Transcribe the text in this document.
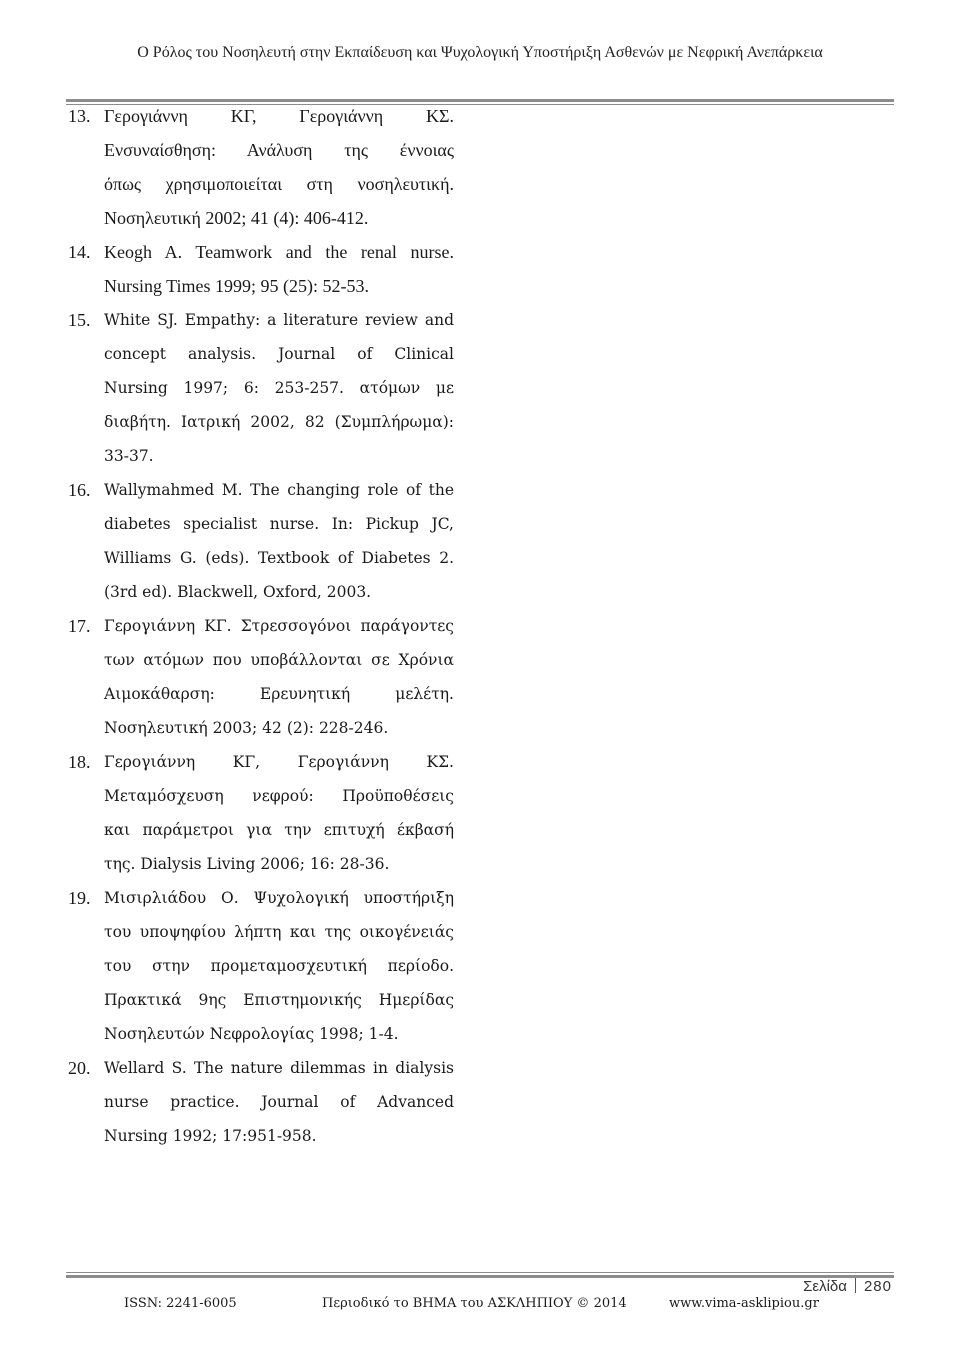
Ο Ρόλος του Νοσηλευτή στην Εκπαίδευση και Ψυχολογική Υποστήριξη Ασθενών με Νεφρική Ανεπάρκεια
13. Γερογιάννη ΚΓ, Γερογιάννη ΚΣ.
Ενσυναίσθηση: Ανάλυση της έννοιας
όπως χρησιμοποιείται στη νοσηλευτική.
Νοσηλευτική 2002; 41 (4): 406-412.
14. Keogh A. Teamwork and the renal nurse.
Nursing Times 1999; 95 (25): 52-53.
15. White SJ. Empathy: a literature review and
concept analysis. Journal of Clinical
Nursing 1997; 6: 253-257. ατόμων με
διαβήτη. Ιατρική 2002, 82 (Συμπλήρωμα):
33-37.
16. Wallymahmed M. The changing role of the
diabetes specialist nurse. In: Pickup JC,
Williams G. (eds). Textbook of Diabetes 2.
(3rd ed). Blackwell, Oxford, 2003.
17. Γερογιάννη ΚΓ. Στρεσσογόνοι παράγοντες
των ατόμων που υποβάλλονται σε Χρόνια
Αιμοκάθαρση: Ερευνητική μελέτη.
Νοσηλευτική 2003; 42 (2): 228-246.
18. Γερογιάννη ΚΓ, Γερογιάννη ΚΣ.
Μεταμόσχευση νεφρού: Προϋποθέσεις
και παράμετροι για την επιτυχή έκβασή
της. Dialysis Living 2006; 16: 28-36.
19. Μισιρλιάδου Ο. Ψυχολογική υποστήριξη
του υποψηφίου λήπτη και της οικογένειάς
του στην προμεταμοσχευτική περίοδο.
Πρακτικά 9ης Επιστημονικής Ημερίδας
Νοσηλευτών Νεφρολογίας 1998; 1-4.
20. Wellard S. The nature dilemmas in dialysis
nurse practice. Journal of Advanced
Nursing 1992; 17:951-958.
Σελίδα 280
ISSN: 2241-6005	Περιοδικό το ΒΗΜΑ του ΑΣΚΛΗΠΙΟΥ © 2014	www.vima-asklipiou.gr
